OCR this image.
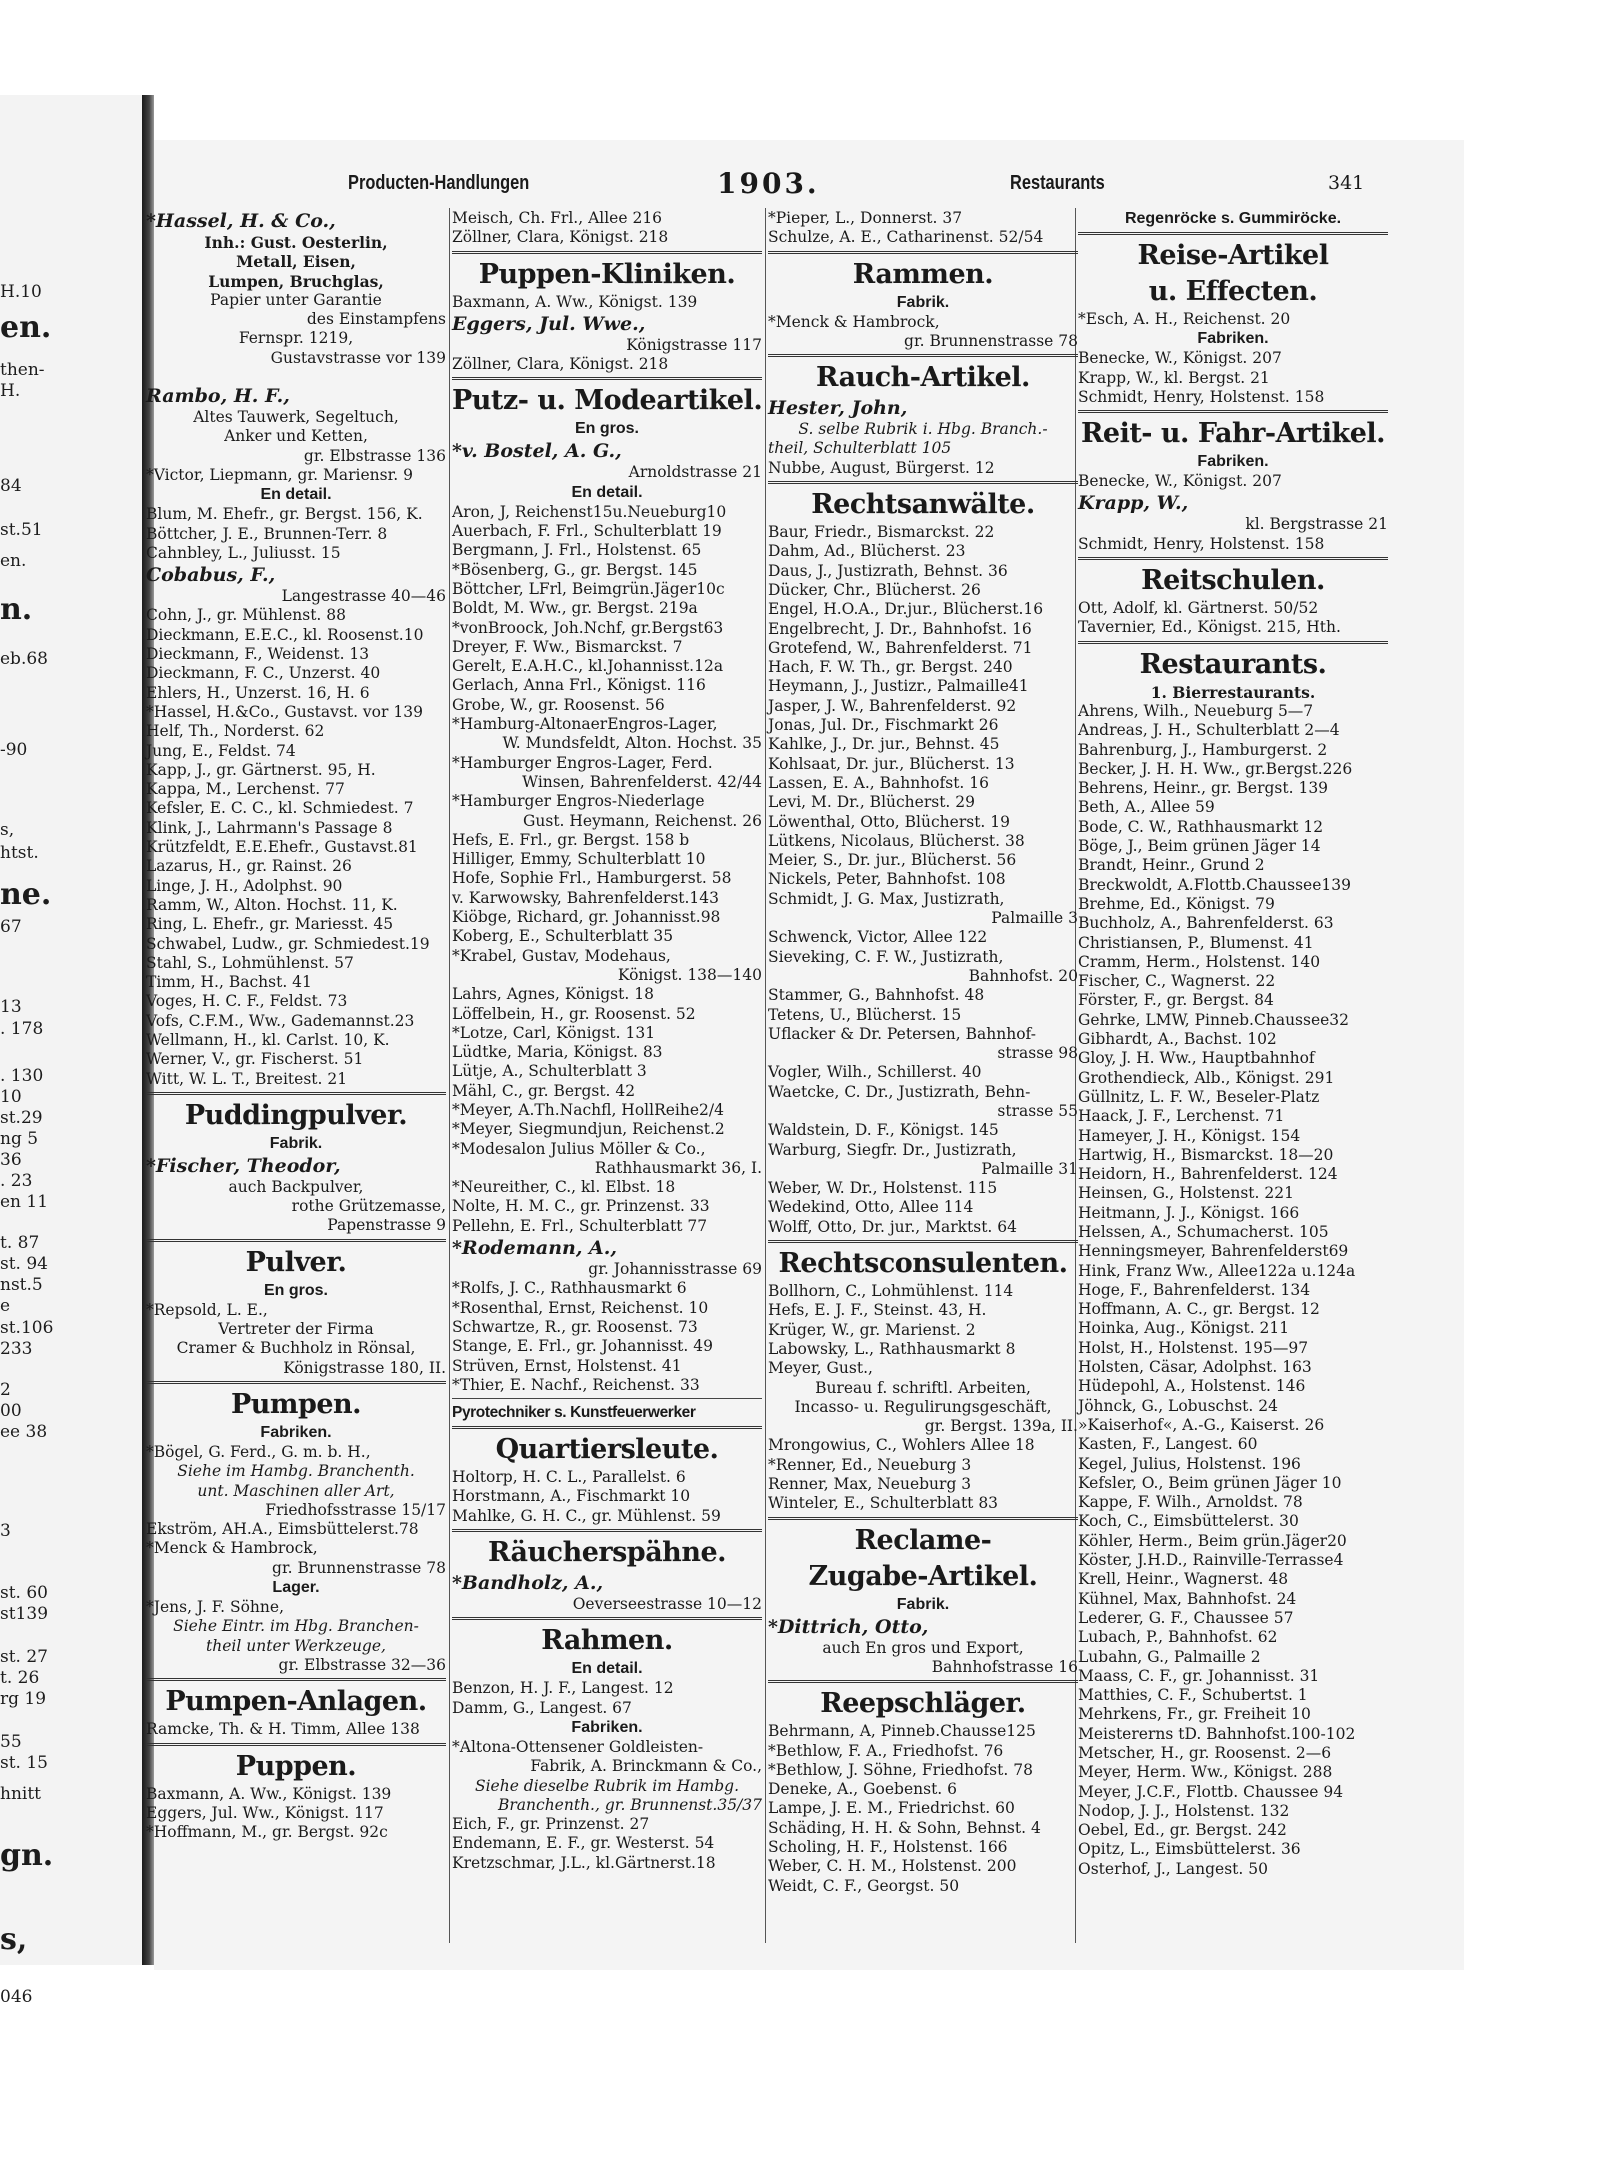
H.10
en.
then-
H.
84
st.51
en.
n.
eb.68
-90
s,
htst.
ne.
67
13
. 178
. 130
10
st.29
ng 5
36
. 23
en 11
t. 87
st. 94
nst.5
e
st.106
233
2
00
ee 38
3
st. 60
st139
st. 27
t. 26
rg 19
55
st. 15
hnitt
gn.
s,
046
Producten-Handlungen	1903.	Restaurants	341
*Hassel, H. & Co.,
Inh.: Gust. Oesterlin,
Metall, Eisen,
Lumpen, Bruchglas,
Papier unter Garantie
des Einstampfens
Fernspr. 1219,
Gustavstrasse vor 139
Rambo, H. F.,
Altes Tauwerk, Segeltuch,
Anker und Ketten,
gr. Elbstrasse 136
*Victor, Liepmann, gr. Mariensr. 9
En detail.
Blum, M. Ehefr., gr. Bergst. 156, K.
Böttcher, J. E., Brunnen-Terr. 8
Cahnbley, L., Juliusst. 15
Cobabus, F.,
Langestrasse 40—46
Cohn, J., gr. Mühlenst. 88
Dieckmann, E.E.C., kl. Roosenst.10
Dieckmann, F., Weidenst. 13
Dieckmann, F. C., Unzerst. 40
Ehlers, H., Unzerst. 16, H. 6
*Hassel, H.&Co., Gustavst. vor 139
Helf, Th., Norderst. 62
Jung, E., Feldst. 74
Kapp, J., gr. Gärtnerst. 95, H.
Kappa, M., Lerchenst. 77
Kefsler, E. C. C., kl. Schmiedest. 7
Klink, J., Lahrmann's Passage 8
Krützfeldt, E.E.Ehefr., Gustavst.81
Lazarus, H., gr. Rainst. 26
Linge, J. H., Adolphst. 90
Ramm, W., Alton. Hochst. 11, K.
Ring, L. Ehefr., gr. Mariesst. 45
Schwabel, Ludw., gr. Schmiedest.19
Stahl, S., Lohmühlenst. 57
Timm, H., Bachst. 41
Voges, H. C. F., Feldst. 73
Vofs, C.F.M., Ww., Gademannst.23
Wellmann, H., kl. Carlst. 10, K.
Werner, V., gr. Fischerst. 51
Witt, W. L. T., Breitest. 21
Puddingpulver.
Fabrik.
*Fischer, Theodor,
auch Backpulver,
rothe Grützemasse,
Papenstrasse 9
Pulver.
En gros.
*Repsold, L. E.,
Vertreter der Firma
Cramer & Buchholz in Rönsal,
Königstrasse 180, II.
Pumpen.
Fabriken.
*Bögel, G. Ferd., G. m. b. H.,
Siehe im Hambg. Branchenth.
unt. Maschinen aller Art,
Friedhofsstrasse 15/17
Ekström, AH.A., Eimsbüttelerst.78
*Menck & Hambrock,
gr. Brunnenstrasse 78
Lager.
*Jens, J. F. Söhne,
Siehe Eintr. im Hbg. Branchen-
theil unter Werkzeuge,
gr. Elbstrasse 32—36
Pumpen-Anlagen.
Ramcke, Th. & H. Timm, Allee 138
Puppen.
Baxmann, A. Ww., Königst. 139
Eggers, Jul. Ww., Königst. 117
*Hoffmann, M., gr. Bergst. 92c
Meisch, Ch. Frl., Allee 216
Zöllner, Clara, Königst. 218
Puppen-Kliniken.
Baxmann, A. Ww., Königst. 139
Eggers, Jul. Wwe.,
Königstrasse 117
Zöllner, Clara, Königst. 218
Putz- u. Modeartikel.
En gros.
*v. Bostel, A. G.,
Arnoldstrasse 21
En detail.
Aron, J, Reichenst15u.Neueburg10
Auerbach, F. Frl., Schulterblatt 19
Bergmann, J. Frl., Holstenst. 65
*Bösenberg, G., gr. Bergst. 145
Böttcher, LFrl, Beimgrün.Jäger10c
Boldt, M. Ww., gr. Bergst. 219a
*vonBroock, Joh.Nchf, gr.Bergst63
Dreyer, F. Ww., Bismarckst. 7
Gerelt, E.A.H.C., kl.Johannisst.12a
Gerlach, Anna Frl., Königst. 116
Grobe, W., gr. Roosenst. 56
*Hamburg-AltonaerEngros-Lager,
W. Mundsfeldt, Alton. Hochst. 35
*Hamburger Engros-Lager, Ferd.
Winsen, Bahrenfelderst. 42/44
*Hamburger Engros-Niederlage
Gust. Heymann, Reichenst. 26
Hefs, E. Frl., gr. Bergst. 158 b
Hilliger, Emmy, Schulterblatt 10
Hofe, Sophie Frl., Hamburgerst. 58
v. Karwowsky, Bahrenfelderst.143
Kiöbge, Richard, gr. Johannisst.98
Koberg, E., Schulterblatt 35
*Krabel, Gustav, Modehaus,
Königst. 138—140
Lahrs, Agnes, Königst. 18
Löffelbein, H., gr. Roosenst. 52
*Lotze, Carl, Königst. 131
Lüdtke, Maria, Königst. 83
Lütje, A., Schulterblatt 3
Mähl, C., gr. Bergst. 42
*Meyer, A.Th.Nachfl, HollReihe2/4
*Meyer, Siegmundjun, Reichenst.2
*Modesalon Julius Möller & Co.,
Rathhausmarkt 36, I.
*Neureither, C., kl. Elbst. 18
Nolte, H. M. C., gr. Prinzenst. 33
Pellehn, E. Frl., Schulterblatt 77
*Rodemann, A.,
gr. Johannisstrasse 69
*Rolfs, J. C., Rathhausmarkt 6
*Rosenthal, Ernst, Reichenst. 10
Schwartze, R., gr. Roosenst. 73
Stange, E. Frl., gr. Johannisst. 49
Strüven, Ernst, Holstenst. 41
*Thier, E. Nachf., Reichenst. 33
Pyrotechniker s. Kunstfeuerwerker
Quartiersleute.
Holtorp, H. C. L., Parallelst. 6
Horstmann, A., Fischmarkt 10
Mahlke, G. H. C., gr. Mühlenst. 59
Räucherspähne.
*Bandholz, A.,
Oeverseestrasse 10—12
Rahmen.
En detail.
Benzon, H. J. F., Langest. 12
Damm, G., Langest. 67
Fabriken.
*Altona-Ottensener Goldleisten-
Fabrik, A. Brinckmann & Co.,
Siehe dieselbe Rubrik im Hambg.
Branchenth., gr. Brunnenst.35/37
Eich, F., gr. Prinzenst. 27
Endemann, E. F., gr. Westerst. 54
Kretzschmar, J.L., kl.Gärtnerst.18
*Pieper, L., Donnerst. 37
Schulze, A. E., Catharinenst. 52/54
Rammen.
Fabrik.
*Menck & Hambrock,
gr. Brunnenstrasse 78
Rauch-Artikel.
Hester, John,
S. selbe Rubrik i. Hbg. Branch.-
theil, Schulterblatt 105
Nubbe, August, Bürgerst. 12
Rechtsanwälte.
Baur, Friedr., Bismarckst. 22
Dahm, Ad., Blücherst. 23
Daus, J., Justizrath, Behnst. 36
Dücker, Chr., Blücherst. 26
Engel, H.O.A., Dr.jur., Blücherst.16
Engelbrecht, J. Dr., Bahnhofst. 16
Grotefend, W., Bahrenfelderst. 71
Hach, F. W. Th., gr. Bergst. 240
Heymann, J., Justizr., Palmaille41
Jasper, J. W., Bahrenfelderst. 92
Jonas, Jul. Dr., Fischmarkt 26
Kahlke, J., Dr. jur., Behnst. 45
Kohlsaat, Dr. jur., Blücherst. 13
Lassen, E. A., Bahnhofst. 16
Levi, M. Dr., Blücherst. 29
Löwenthal, Otto, Blücherst. 19
Lütkens, Nicolaus, Blücherst. 38
Meier, S., Dr. jur., Blücherst. 56
Nickels, Peter, Bahnhofst. 108
Schmidt, J. G. Max, Justizrath,
Palmaille 3
Schwenck, Victor, Allee 122
Sieveking, C. F. W., Justizrath,
Bahnhofst. 20
Stammer, G., Bahnhofst. 48
Tetens, U., Blücherst. 15
Uflacker & Dr. Petersen, Bahnhof-
strasse 98
Vogler, Wilh., Schillerst. 40
Waetcke, C. Dr., Justizrath, Behn-
strasse 55
Waldstein, D. F., Königst. 145
Warburg, Siegfr. Dr., Justizrath,
Palmaille 31
Weber, W. Dr., Holstenst. 115
Wedekind, Otto, Allee 114
Wolff, Otto, Dr. jur., Marktst. 64
Rechtsconsulenten.
Bollhorn, C., Lohmühlenst. 114
Hefs, E. J. F., Steinst. 43, H.
Krüger, W., gr. Marienst. 2
Labowsky, L., Rathhausmarkt 8
Meyer, Gust.,
Bureau f. schriftl. Arbeiten,
Incasso- u. Regulirungsgeschäft,
gr. Bergst. 139a, II.
Mrongowius, C., Wohlers Allee 18
*Renner, Ed., Neueburg 3
Renner, Max, Neueburg 3
Winteler, E., Schulterblatt 83
Reclame-
Zugabe-Artikel.
Fabrik.
*Dittrich, Otto,
auch En gros und Export,
Bahnhofstrasse 16
Reepschläger.
Behrmann, A, Pinneb.Chausse125
*Bethlow, F. A., Friedhofst. 76
*Bethlow, J. Söhne, Friedhofst. 78
Deneke, A., Goebenst. 6
Lampe, J. E. M., Friedrichst. 60
Schäding, H. H. & Sohn, Behnst. 4
Scholing, H. F., Holstenst. 166
Weber, C. H. M., Holstenst. 200
Weidt, C. F., Georgst. 50
Regenröcke s. Gummiröcke.
Reise-Artikel
u. Effecten.
*Esch, A. H., Reichenst. 20
Fabriken.
Benecke, W., Königst. 207
Krapp, W., kl. Bergst. 21
Schmidt, Henry, Holstenst. 158
Reit- u. Fahr-Artikel.
Fabriken.
Benecke, W., Königst. 207
Krapp, W.,
kl. Bergstrasse 21
Schmidt, Henry, Holstenst. 158
Reitschulen.
Ott, Adolf, kl. Gärtnerst. 50/52
Tavernier, Ed., Königst. 215, Hth.
Restaurants.
1. Bierrestaurants.
Ahrens, Wilh., Neueburg 5—7
Andreas, J. H., Schulterblatt 2—4
Bahrenburg, J., Hamburgerst. 2
Becker, J. H. H. Ww., gr.Bergst.226
Behrens, Heinr., gr. Bergst. 139
Beth, A., Allee 59
Bode, C. W., Rathhausmarkt 12
Böge, J., Beim grünen Jäger 14
Brandt, Heinr., Grund 2
Breckwoldt, A.Flottb.Chaussee139
Brehme, Ed., Königst. 79
Buchholz, A., Bahrenfelderst. 63
Christiansen, P., Blumenst. 41
Cramm, Herm., Holstenst. 140
Fischer, C., Wagnerst. 22
Förster, F., gr. Bergst. 84
Gehrke, LMW, Pinneb.Chaussee32
Gibhardt, A., Bachst. 102
Gloy, J. H. Ww., Hauptbahnhof
Grothendieck, Alb., Königst. 291
Güllnitz, L. F. W., Beseler-Platz
Haack, J. F., Lerchenst. 71
Hameyer, J. H., Königst. 154
Hartwig, H., Bismarckst. 18—20
Heidorn, H., Bahrenfelderst. 124
Heinsen, G., Holstenst. 221
Heitmann, J. J., Königst. 166
Helssen, A., Schumacherst. 105
Henningsmeyer, Bahrenfelderst69
Hink, Franz Ww., Allee122a u.124a
Hoge, F., Bahrenfelderst. 134
Hoffmann, A. C., gr. Bergst. 12
Hoinka, Aug., Königst. 211
Holst, H., Holstenst. 195—97
Holsten, Cäsar, Adolphst. 163
Hüdepohl, A., Holstenst. 146
Jöhnck, G., Lobuschst. 24
»Kaiserhof«, A.-G., Kaiserst. 26
Kasten, F., Langest. 60
Kegel, Julius, Holstenst. 196
Kefsler, O., Beim grünen Jäger 10
Kappe, F. Wilh., Arnoldst. 78
Koch, C., Eimsbüttelerst. 30
Köhler, Herm., Beim grün.Jäger20
Köster, J.H.D., Rainville-Terrasse4
Krell, Heinr., Wagnerst. 48
Kühnel, Max, Bahnhofst. 24
Lederer, G. F., Chaussee 57
Lubach, P., Bahnhofst. 62
Lubahn, G., Palmaille 2
Maass, C. F., gr. Johannisst. 31
Matthies, C. F., Schubertst. 1
Mehrkens, Fr., gr. Freiheit 10
Meistererns tD. Bahnhofst.100-102
Metscher, H., gr. Roosenst. 2—6
Meyer, Herm. Ww., Königst. 288
Meyer, J.C.F., Flottb. Chaussee 94
Nodop, J. J., Holstenst. 132
Oebel, Ed., gr. Bergst. 242
Opitz, L., Eimsbüttelerst. 36
Osterhof, J., Langest. 50
